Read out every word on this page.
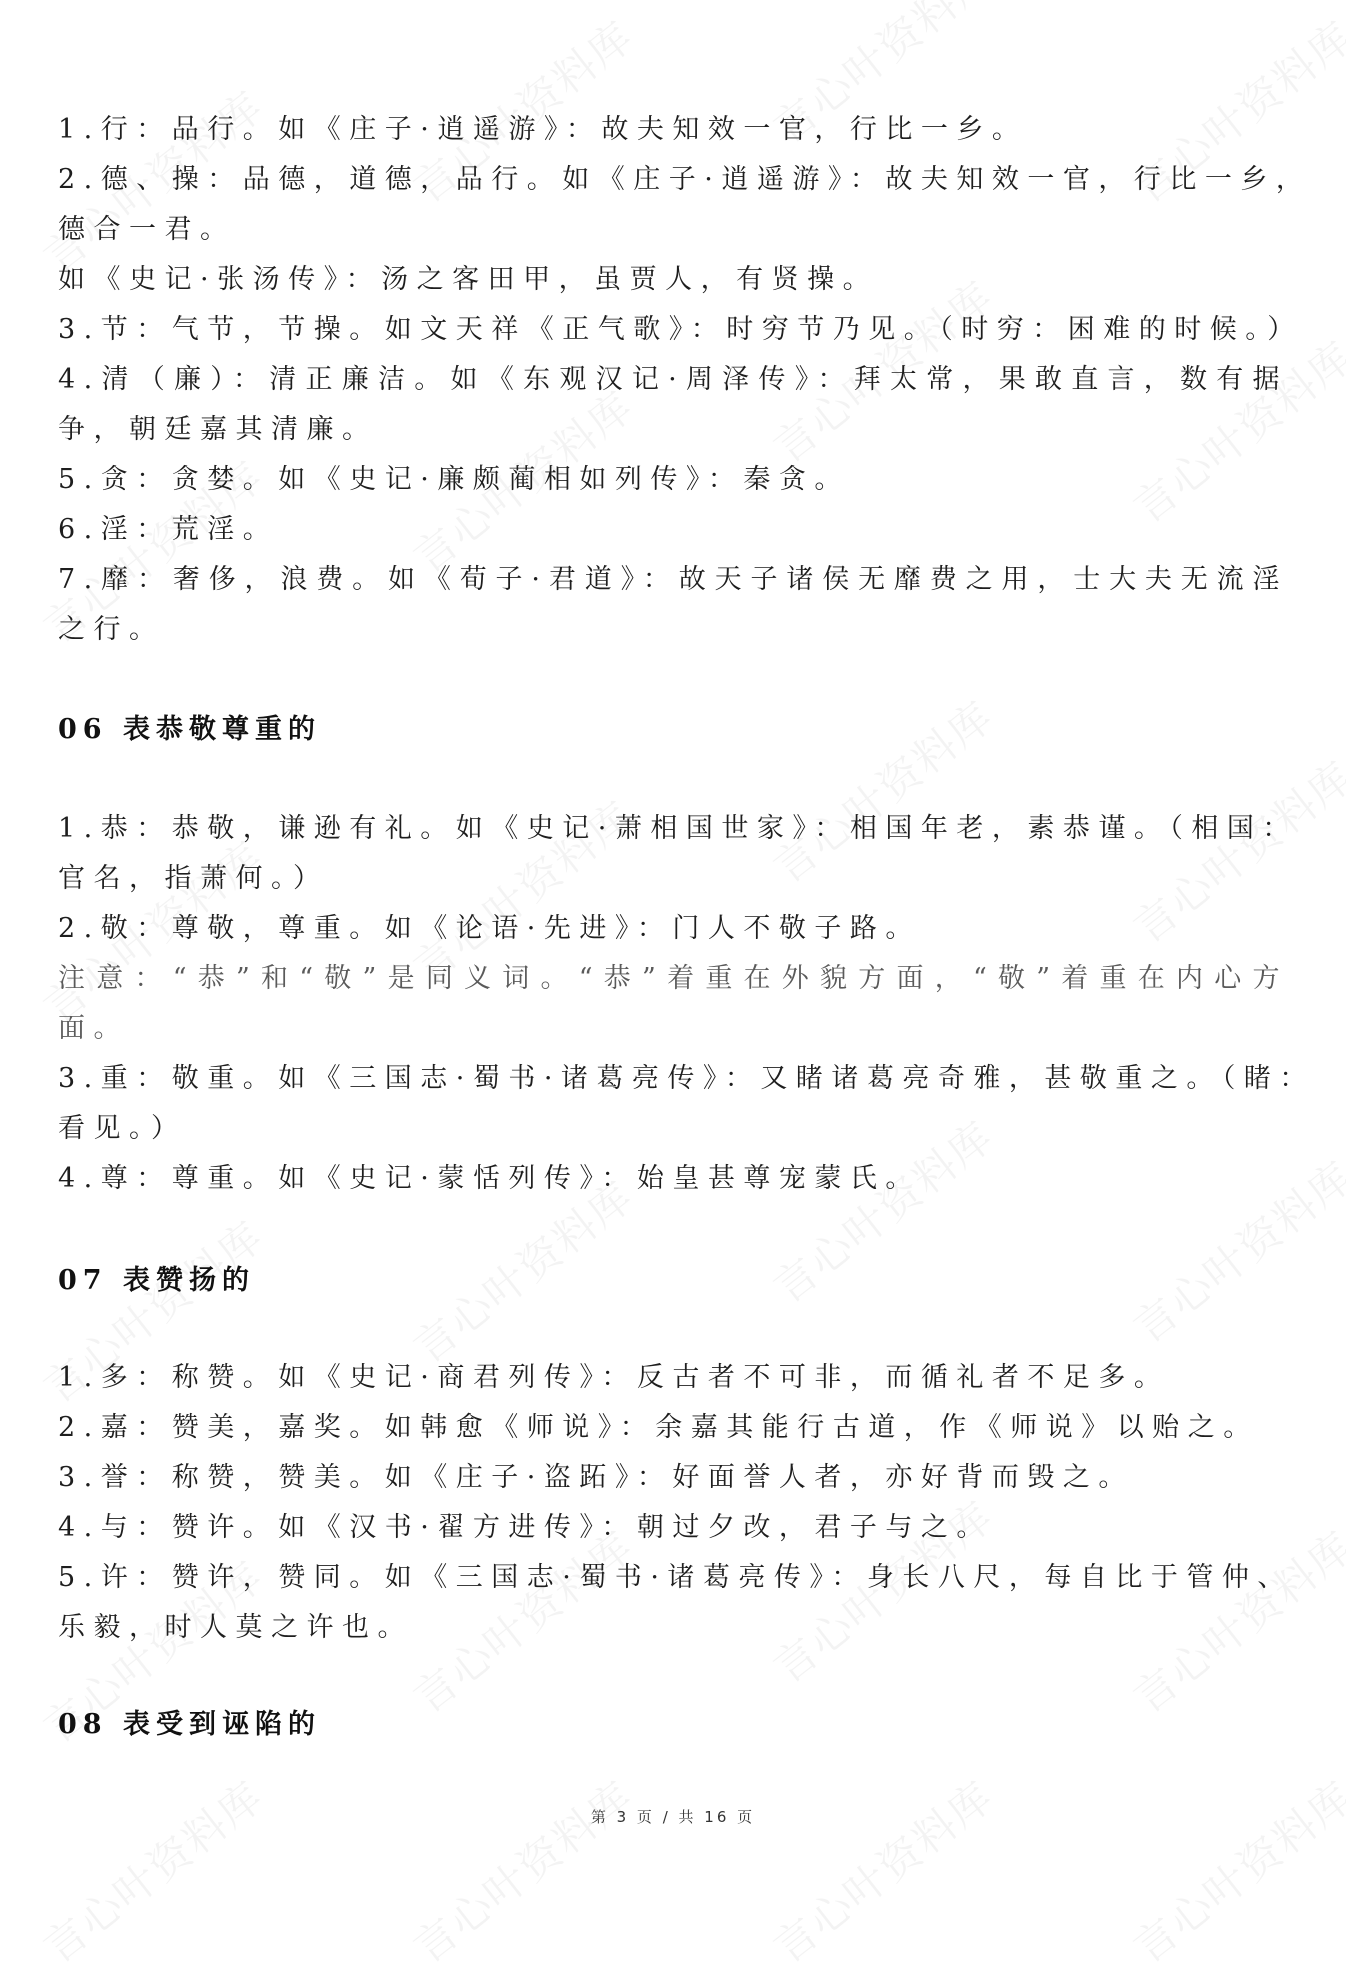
1.行：品行。如《庄子·逍遥游》：故夫知效一官，行比一乡。
2.德、操：品德，道德，品行。如《庄子·逍遥游》：故夫知效一官，行比一乡，
德合一君。
如《史记·张汤传》：汤之客田甲，虽贾人，有贤操。
3.节：气节，节操。如文天祥《正气歌》：时穷节乃见。（时穷：困难的时候。）
4.清（廉）：清正廉洁。如《东观汉记·周泽传》：拜太常，果敢直言，数有据
争，朝廷嘉其清廉。
5.贪：贪婪。如《史记·廉颇蔺相如列传》：秦贪。
6.淫：荒淫。
7.靡：奢侈，浪费。如《荀子·君道》：故天子诸侯无靡费之用，士大夫无流淫
之行。
06 表恭敬尊重的
1.恭：恭敬，谦逊有礼。如《史记·萧相国世家》：相国年老，素恭谨。（相国：
官名，指萧何。）
2.敬：尊敬，尊重。如《论语·先进》：门人不敬子路。
注意：“恭”和“敬”是同义词。“恭”着重在外貌方面，“敬”着重在内心方
面。
3.重：敬重。如《三国志·蜀书·诸葛亮传》：又睹诸葛亮奇雅，甚敬重之。（睹：
看见。）
4.尊：尊重。如《史记·蒙恬列传》：始皇甚尊宠蒙氏。
07 表赞扬的
1.多：称赞。如《史记·商君列传》：反古者不可非，而循礼者不足多。
2.嘉：赞美，嘉奖。如韩愈《师说》：余嘉其能行古道，作《师说》以贻之。
3.誉：称赞，赞美。如《庄子·盗跖》：好面誉人者，亦好背而毁之。
4.与：赞许。如《汉书·翟方进传》：朝过夕改，君子与之。
5.许：赞许，赞同。如《三国志·蜀书·诸葛亮传》：身长八尺，每自比于管仲、
乐毅，时人莫之许也。
08 表受到诬陷的
第 3 页 / 共 16 页
